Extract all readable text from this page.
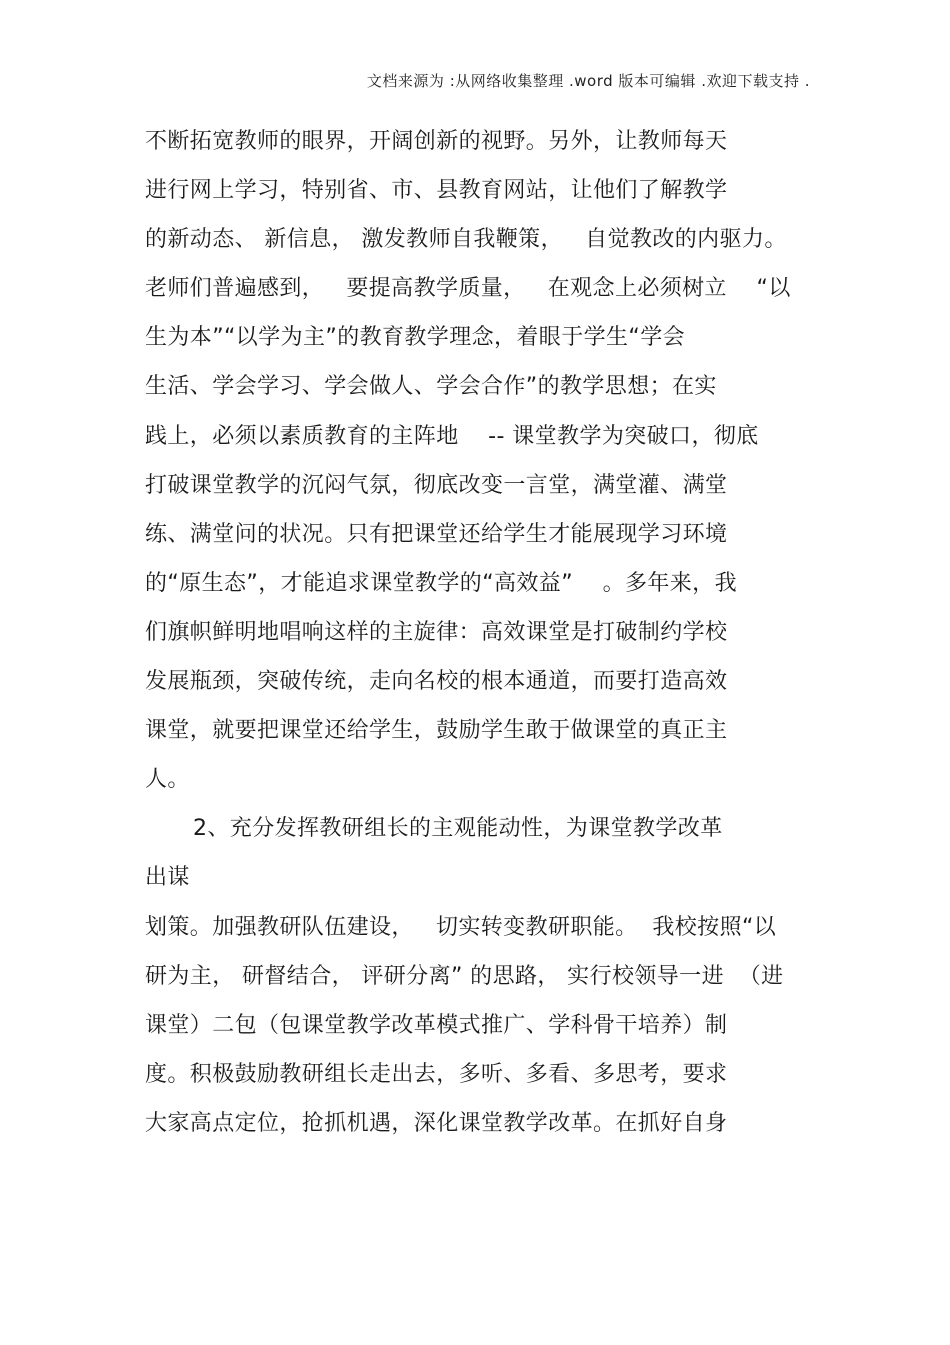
文档来源为 :从网络收集整理 .word 版本可编辑 .欢迎下载支持 .
不断拓宽教师的眼界，开阔创新的视野。另外，让教师每天
进行网上学习，特别省、市、县教育网站，让他们了解教学
的新动态、 新信息， 激发教师自我鞭策，   自觉教改的内驱力。
老师们普遍感到，   要提高教学质量，   在观念上必须树立    “以
生为本”“以学为主”的教育教学理念，着眼于学生“学会
生活、学会学习、学会做人、学会合作”的教学思想；在实
践上，必须以素质教育的主阵地    -- 课堂教学为突破口，彻底
打破课堂教学的沉闷气氛，彻底改变一言堂，满堂灌、满堂
练、满堂问的状况。只有把课堂还给学生才能展现学习环境
的“原生态”，才能追求课堂教学的“高效益”    。多年来，我
们旗帜鲜明地唱响这样的主旋律：高效课堂是打破制约学校
发展瓶颈，突破传统，走向名校的根本通道，而要打造高效
课堂，就要把课堂还给学生，鼓励学生敢于做课堂的真正主
人。
2、充分发挥教研组长的主观能动性，为课堂教学改革
出谋
划策。加强教研队伍建设，   切实转变教研职能。  我校按照“以
研为主， 研督结合， 评研分离” 的思路， 实行校领导一进  （进
课堂）二包（包课堂教学改革模式推广、学科骨干培养）制
度。积极鼓励教研组长走出去，多听、多看、多思考，要求
大家高点定位，抢抓机遇，深化课堂教学改革。在抓好自身
